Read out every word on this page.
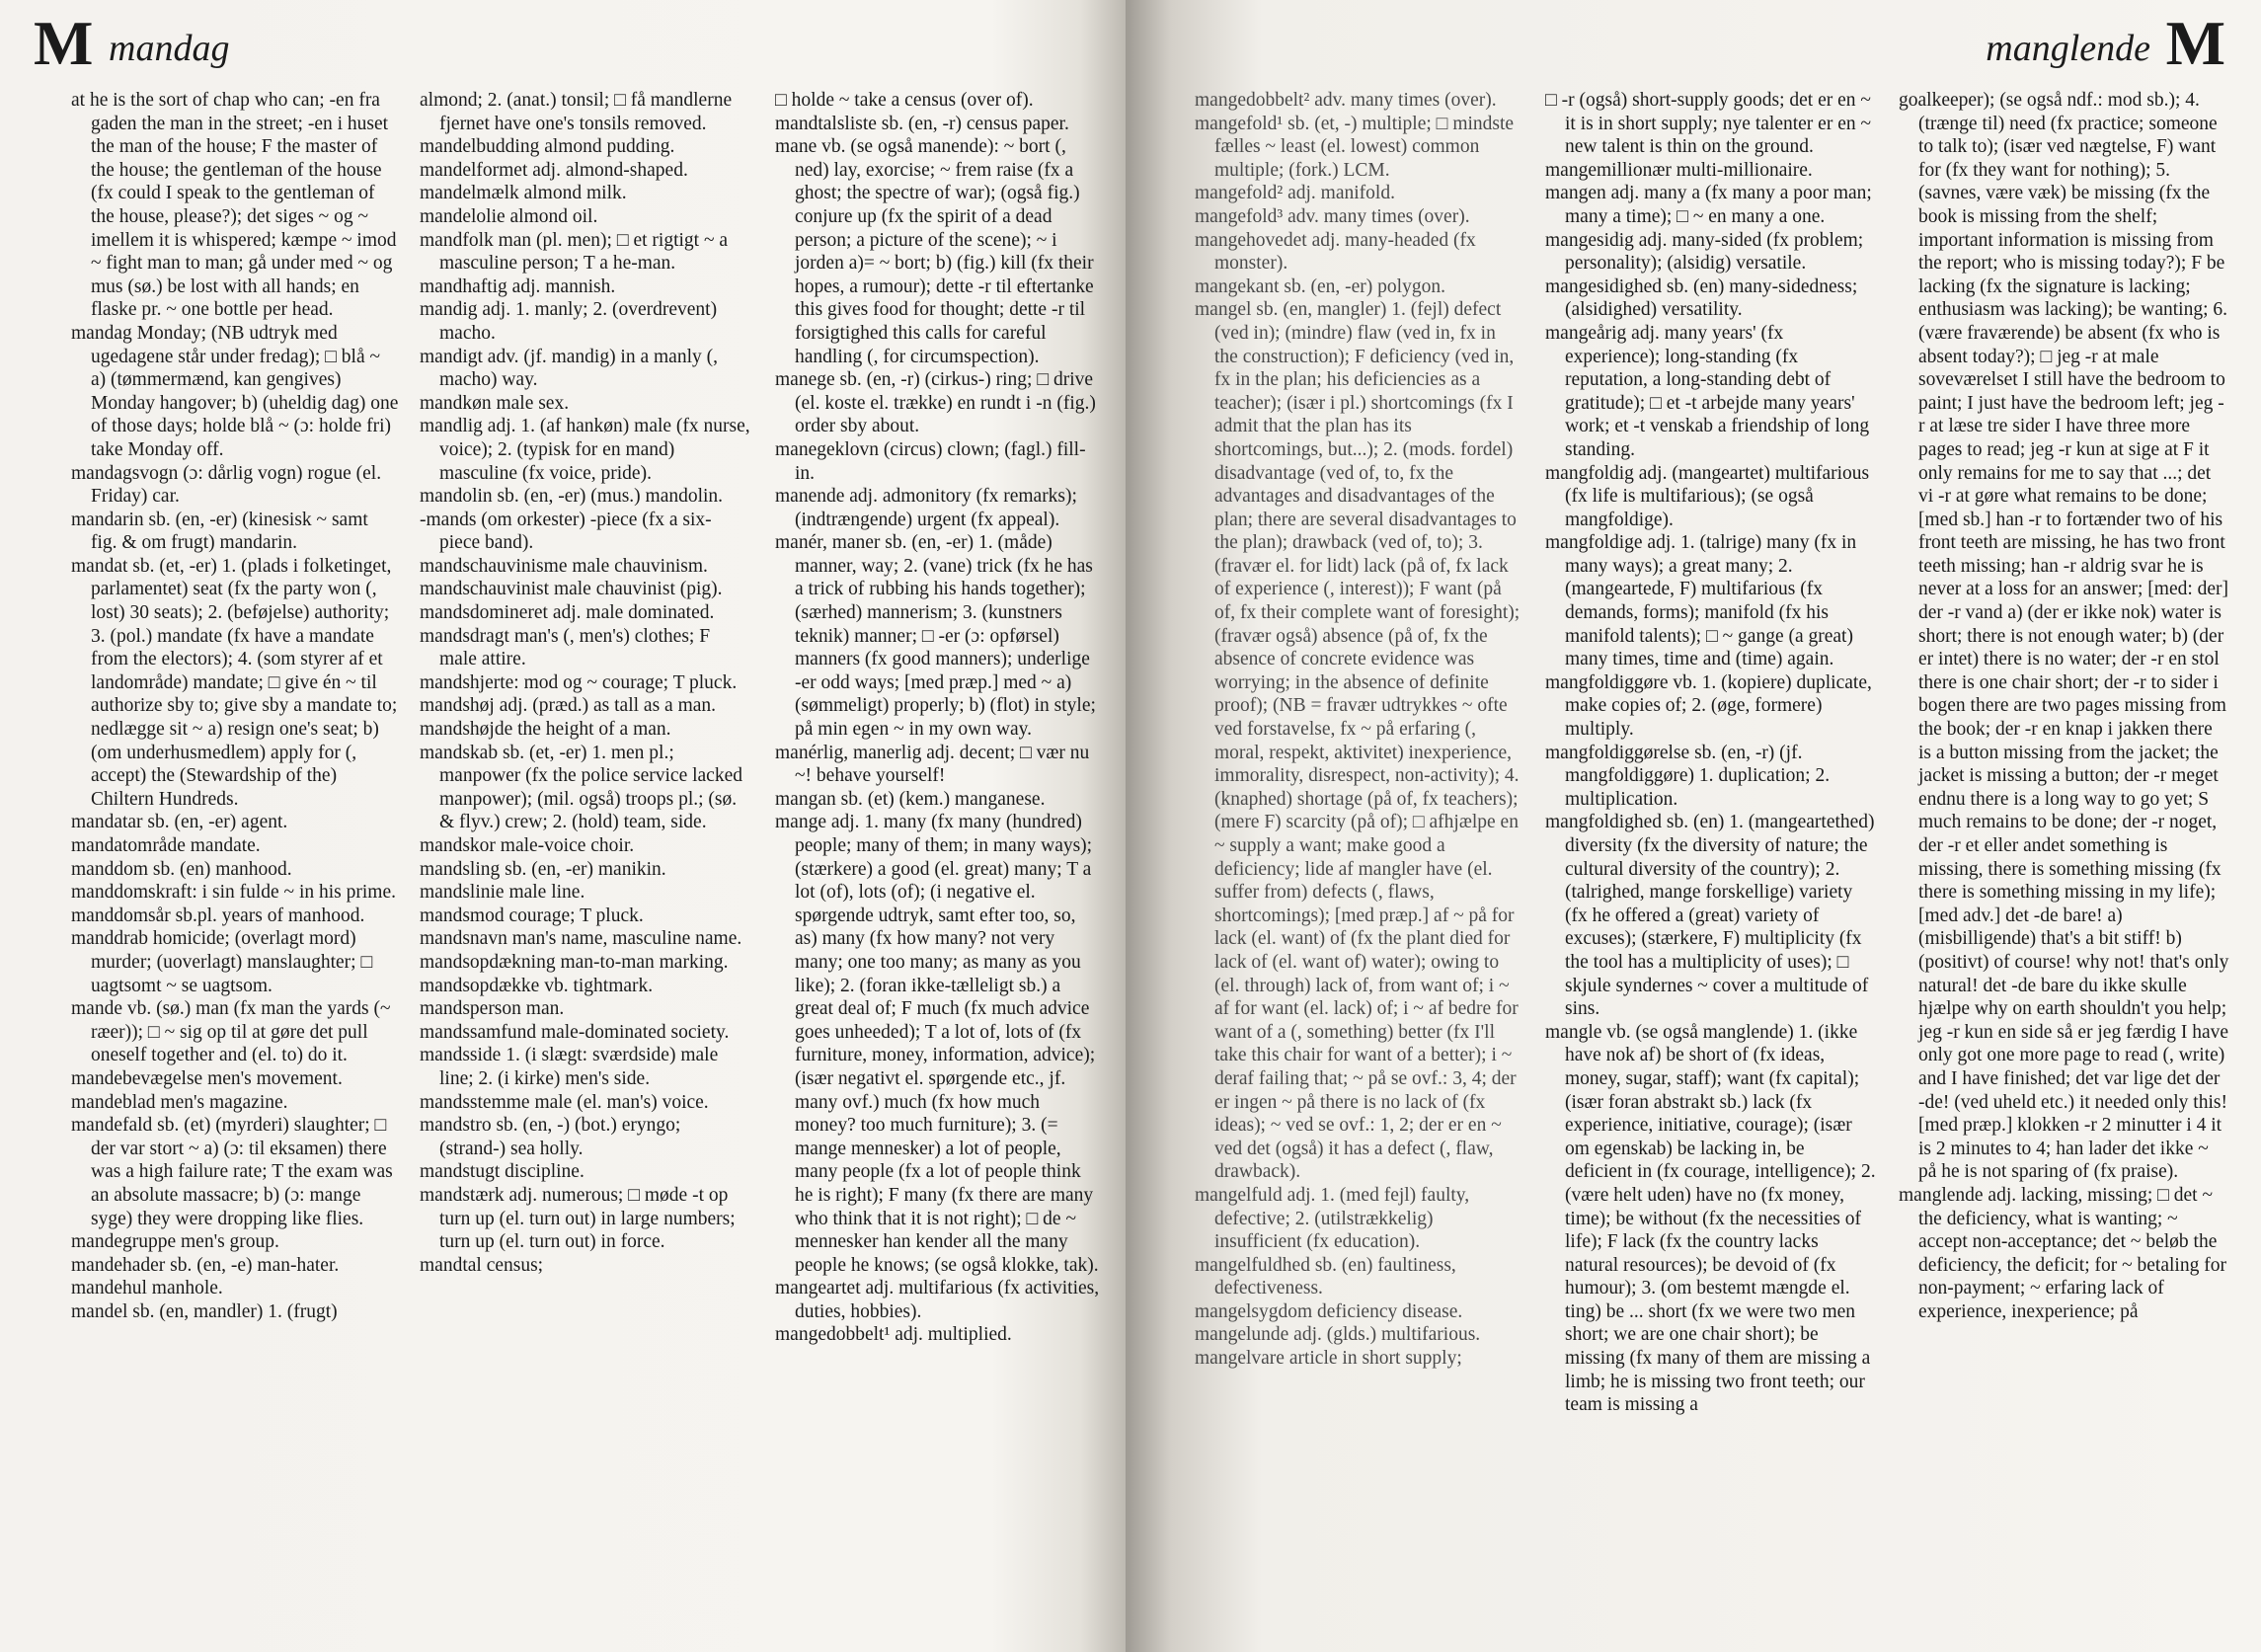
M mandag

at he is the sort of chap who can; -en fra gaden the man in the street; -en i huset the man of the house; F the master of the house; the gentleman of the house (fx could I speak to the gentleman of the house, please?); det siges ~ og ~ imellem it is whispered; kæmpe ~ imod ~ fight man to man; gå under med ~ og mus (sø.) be lost with all hands; en flaske pr. ~ one bottle per head.

mandag Monday; (NB udtryk med ugedagene står under fredag); □ blå ~ a) (tømmermænd, kan gengives) Monday hangover; b) (uheldig dag) one of those days; holde blå ~ (ɔ: holde fri) take Monday off.

mandagsvogn (ɔ: dårlig vogn) rogue (el. Friday) car.

mandarin sb. (en, -er) (kinesisk ~ samt fig. & om frugt) mandarin.

mandat sb. (et, -er) 1. (plads i folketinget, parlamentet) seat (fx the party won (, lost) 30 seats); 2. (beføjelse) authority; 3. (pol.) mandate (fx have a mandate from the electors); 4. (som styrer af et landområde) mandate; □ give én ~ til authorize sby to; give sby a mandate to; nedlægge sit ~ a) resign one's seat; b) (om underhusmedlem) apply for (, accept) the (Stewardship of the) Chiltern Hundreds.

mandatar sb. (en, -er) agent.

mandatområde mandate.

manddom sb. (en) manhood.

manddomskraft: i sin fulde ~ in his prime.

manddomsår sb.pl. years of manhood.

manddrab homicide; (overlagt mord) murder; (uoverlagt) manslaughter; □ uagtsomt ~ se uagtsom.

mande vb. (sø.) man (fx man the yards (~ ræer)); □ ~ sig op til at gøre det pull oneself together and (el. to) do it.

mandebevægelse men's movement.

mandeblad men's magazine.

mandefald sb. (et) (myrderi) slaughter; □ der var stort ~ a) (ɔ: til eksamen) there was a high failure rate; T the exam was an absolute massacre; b) (ɔ: mange syge) they were dropping like flies.

mandegruppe men's group.

mandehader sb. (en, -e) man-hater.

mandehul manhole.

mandel sb. (en, mandler) 1. (frugt)

almond; 2. (anat.) tonsil; □ få mandlerne fjernet have one's tonsils removed.

mandelbudding almond pudding.

mandelformet adj. almond-shaped.

mandelmælk almond milk.

mandelolie almond oil.

mandfolk man (pl. men); □ et rigtigt ~ a masculine person; T a he-man.

mandhaftig adj. mannish.

mandig adj. 1. manly; 2. (overdrevent) macho.

mandigt adv. (jf. mandig) in a manly (, macho) way.

mandkøn male sex.

mandlig adj. 1. (af hankøn) male (fx nurse, voice); 2. (typisk for en mand) masculine (fx voice, pride).

mandolin sb. (en, -er) (mus.) mandolin.

-mands (om orkester) -piece (fx a six-piece band).

mandschauvinisme male chauvinism.

mandschauvinist male chauvinist (pig).

mandsdomineret adj. male dominated.

mandsdragt man's (, men's) clothes; F male attire.

mandshjerte: mod og ~ courage; T pluck.

mandshøj adj. (præd.) as tall as a man.

mandshøjde the height of a man.

mandskab sb. (et, -er) 1. men pl.; manpower (fx the police service lacked manpower); (mil. også) troops pl.; (sø. & flyv.) crew; 2. (hold) team, side.

mandskor male-voice choir.

mandsling sb. (en, -er) manikin.

mandslinie male line.

mandsmod courage; T pluck.

mandsnavn man's name, masculine name.

mandsopdækning man-to-man marking.

mandsopdække vb. tightmark.

mandsperson man.

mandssamfund male-dominated society.

mandsside 1. (i slægt: sværdside) male line; 2. (i kirke) men's side.

mandsstemme male (el. man's) voice.

mandstro sb. (en, -) (bot.) eryngo; (strand-) sea holly.

mandstugt discipline.

mandstærk adj. numerous; □ møde -t op turn up (el. turn out) in large numbers; turn up (el. turn out) in force.

mandtal census;

□ holde ~ take a census (over of).

mandtalsliste sb. (en, -r) census paper.

mane vb. (se også manende): ~ bort (, ned) lay, exorcise; ~ frem raise (fx a ghost; the spectre of war); (også fig.) conjure up (fx the spirit of a dead person; a picture of the scene); ~ i jorden a)= ~ bort; b) (fig.) kill (fx their hopes, a rumour); dette -r til eftertanke this gives food for thought; dette -r til forsigtighed this calls for careful handling (, for circumspection).

manege sb. (en, -r) (cirkus-) ring; □ drive (el. koste el. trække) en rundt i -n (fig.) order sby about.

manegeklovn (circus) clown; (fagl.) fill-in.

manende adj. admonitory (fx remarks); (indtrængende) urgent (fx appeal).

manér, maner sb. (en, -er) 1. (måde) manner, way; 2. (vane) trick (fx he has a trick of rubbing his hands together); (særhed) mannerism; 3. (kunstners teknik) manner; □ -er (ɔ: opførsel) manners (fx good manners); underlige -er odd ways; [med præp.] med ~ a) (sømmeligt) properly; b) (flot) in style; på min egen ~ in my own way.

manérlig, manerlig adj. decent; □ vær nu ~! behave yourself!

mangan sb. (et) (kem.) manganese.

mange adj. 1. many (fx many (hundred) people; many of them; in many ways); (stærkere) a good (el. great) many; T a lot (of), lots (of); (i negative el. spørgende udtryk, samt efter too, so, as) many (fx how many? not very many; one too many; as many as you like); 2. (foran ikke-tælleligt sb.) a great deal of; F much (fx much advice goes unheeded); T a lot of, lots of (fx furniture, money, information, advice); (især negativt el. spørgende etc., jf. many ovf.) much (fx how much money? too much furniture); 3. (= mange mennesker) a lot of people, many people (fx a lot of people think he is right); F many (fx there are many who think that it is not right); □ de ~ mennesker han kender all the many people he knows; (se også klokke, tak).

mangeartet adj. multifarious (fx activities, duties, hobbies).

mangedobbelt¹ adj. multiplied.

manglende M

mangedobbelt² adv. many times (over).

mangefold¹ sb. (et, -) multiple; □ mindste fælles ~ least (el. lowest) common multiple; (fork.) LCM.

mangefold² adj. manifold.

mangefold³ adv. many times (over).

mangehovedet adj. many-headed (fx monster).

mangekant sb. (en, -er) polygon.

mangel sb. (en, mangler) 1. (fejl) defect (ved in); (mindre) flaw (ved in, fx in the construction); F deficiency (ved in, fx in the plan; his deficiencies as a teacher); (især i pl.) shortcomings (fx I admit that the plan has its shortcomings, but...); 2. (mods. fordel) disadvantage (ved of, to, fx the advantages and disadvantages of the plan; there are several disadvantages to the plan); drawback (ved of, to); 3. (fravær el. for lidt) lack (på of, fx lack of experience (, interest)); F want (på of, fx their complete want of foresight); (fravær også) absence (på of, fx the absence of concrete evidence was worrying; in the absence of definite proof); (NB = fravær udtrykkes ~ ofte ved forstavelse, fx ~ på erfaring (, moral, respekt, aktivitet) inexperience, immorality, disrespect, non-activity); 4. (knaphed) shortage (på of, fx teachers); (mere F) scarcity (på of); □ afhjælpe en ~ supply a want; make good a deficiency; lide af mangler have (el. suffer from) defects (, flaws, shortcomings); [med præp.] af ~ på for lack (el. want) of (fx the plant died for lack of (el. want of) water); owing to (el. through) lack of, from want of; i ~ af for want (el. lack) of; i ~ af bedre for want of a (, something) better (fx I'll take this chair for want of a better); i ~ deraf failing that; ~ på se ovf.: 3, 4; der er ingen ~ på there is no lack of (fx ideas); ~ ved se ovf.: 1, 2; der er en ~ ved det (også) it has a defect (, flaw, drawback).

mangelfuld adj. 1. (med fejl) faulty, defective; 2. (utilstrækkelig) insufficient (fx education).

mangelfuldhed sb. (en) faultiness, defectiveness.

mangelsygdom deficiency disease.

mangelunde adj. (glds.) multifarious.

mangelvare article in short supply;

□ -r (også) short-supply goods; det er en ~ it is in short supply; nye talenter er en ~ new talent is thin on the ground.

mangemillionær multi-millionaire.

mangen adj. many a (fx many a poor man; many a time); □ ~ en many a one.

mangesidig adj. many-sided (fx problem; personality); (alsidig) versatile.

mangesidighed sb. (en) many-sidedness; (alsidighed) versatility.

mangeårig adj. many years' (fx experience); long-standing (fx reputation, a long-standing debt of gratitude); □ et -t arbejde many years' work; et -t venskab a friendship of long standing.

mangfoldig adj. (mangeartet) multifarious (fx life is multifarious); (se også mangfoldige).

mangfoldige adj. 1. (talrige) many (fx in many ways); a great many; 2. (mangeartede, F) multifarious (fx demands, forms); manifold (fx his manifold talents); □ ~ gange (a great) many times, time and (time) again.

mangfoldiggøre vb. 1. (kopiere) duplicate, make copies of; 2. (øge, formere) multiply.

mangfoldiggørelse sb. (en, -r) (jf. mangfoldiggøre) 1. duplication; 2. multiplication.

mangfoldighed sb. (en) 1. (mangeartethed) diversity (fx the diversity of nature; the cultural diversity of the country); 2. (talrighed, mange forskellige) variety (fx he offered a (great) variety of excuses); (stærkere, F) multiplicity (fx the tool has a multiplicity of uses); □ skjule syndernes ~ cover a multitude of sins.

mangle vb. (se også manglende) 1. (ikke have nok af) be short of (fx ideas, money, sugar, staff); want (fx capital); (især foran abstrakt sb.) lack (fx experience, initiative, courage); (især om egenskab) be lacking in, be deficient in (fx courage, intelligence); 2. (være helt uden) have no (fx money, time); be without (fx the necessities of life); F lack (fx the country lacks natural resources); be devoid of (fx humour); 3. (om bestemt mængde el. ting) be ... short (fx we were two men short; we are one chair short); be missing (fx many of them are missing a limb; he is missing two front teeth; our team is missing a

goalkeeper); (se også ndf.: mod sb.); 4. (trænge til) need (fx practice; someone to talk to); (især ved nægtelse, F) want for (fx they want for nothing); 5. (savnes, være væk) be missing (fx the book is missing from the shelf; important information is missing from the report; who is missing today?); F be lacking (fx the signature is lacking; enthusiasm was lacking); be wanting; 6. (være fraværende) be absent (fx who is absent today?); □ jeg -r at male soveværelset I still have the bedroom to paint; I just have the bedroom left; jeg -r at læse tre sider I have three more pages to read; jeg -r kun at sige at F it only remains for me to say that ...; det vi -r at gøre what remains to be done; [med sb.] han -r to fortænder two of his front teeth are missing, he has two front teeth missing; han -r aldrig svar he is never at a loss for an answer; [med: der] der -r vand a) (der er ikke nok) water is short; there is not enough water; b) (der er intet) there is no water; der -r en stol there is one chair short; der -r to sider i bogen there are two pages missing from the book; der -r en knap i jakken there is a button missing from the jacket; the jacket is missing a button; der -r meget endnu there is a long way to go yet; S much remains to be done; der -r noget, der -r et eller andet something is missing, there is something missing (fx there is something missing in my life); [med adv.] det -de bare! a) (misbilligende) that's a bit stiff! b) (positivt) of course! why not! that's only natural! det -de bare du ikke skulle hjælpe why on earth shouldn't you help; jeg -r kun en side så er jeg færdig I have only got one more page to read (, write) and I have finished; det var lige det der -de! (ved uheld etc.) it needed only this! [med præp.] klokken -r 2 minutter i 4 it is 2 minutes to 4; han lader det ikke ~ på he is not sparing of (fx praise).

manglende adj. lacking, missing; □ det ~ the deficiency, what is wanting; ~ accept non-acceptance; det ~ beløb the deficiency, the deficit; for ~ betaling for non-payment; ~ erfaring lack of experience, inexperience; på
